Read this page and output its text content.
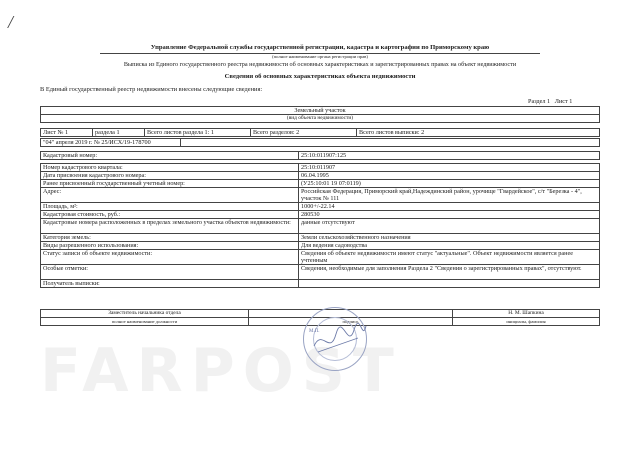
/
FARPOST
Управление Федеральной службы государственной регистрации, кадастра и картографии по Приморскому краю
(полное наименование органа регистрации прав)
Выписка из Единого государственного реестра недвижимости об основных характеристиках и зарегистрированных правах на объект недвижимости
Сведения об основных характеристиках объекта недвижимости
В Единый государственный реестр недвижимости внесены следующие сведения:
Раздел 1 Лист 1
Земельный участок
(вид объекта недвижимости)
Лист № 1	раздела 1	Всего листов раздела 1: 1	Всего разделов: 2	Всего листов выписки: 2
"04" апреля 2019 г. № 25/ИСХ/19-178700	
Кадастровый номер:	25:10:011907:125
Номер кадастрового квартала:	25:10:011907
Дата присвоения кадастрового номера:	06.04.1995
Ранее присвоенный государственный учетный номер:	(У25:10:01 19 07:0119)
Адрес:	Российская Федерация, Приморский край,Надеждинский район, урочище "Гвардейское", с/т "Березка - 4", участок № 111
Площадь, м²:	1000+/-22.14
Кадастровая стоимость, руб.:	280530
Кадастровые номера расположенных в пределах земельного участка объектов недвижимости:	данные отсутствуют
Категория земель:	Земли сельскохозяйственного назначения
Виды разрешенного использования:	Для ведения садоводства
Статус записи об объекте недвижимости:	Сведения об объекте недвижимости имеют статус "актуальные". Объект недвижимости является ранее учтенным
Особые отметки:	Сведения, необходимые для заполнения Раздела 2 "Сведения о зарегистрированных правах", отсутствуют.
Получатель выписки:	
Заместитель начальника отдела		Н. М. Шапкина
полное наименование должности	подпись	инициалы, фамилия
М.П.
